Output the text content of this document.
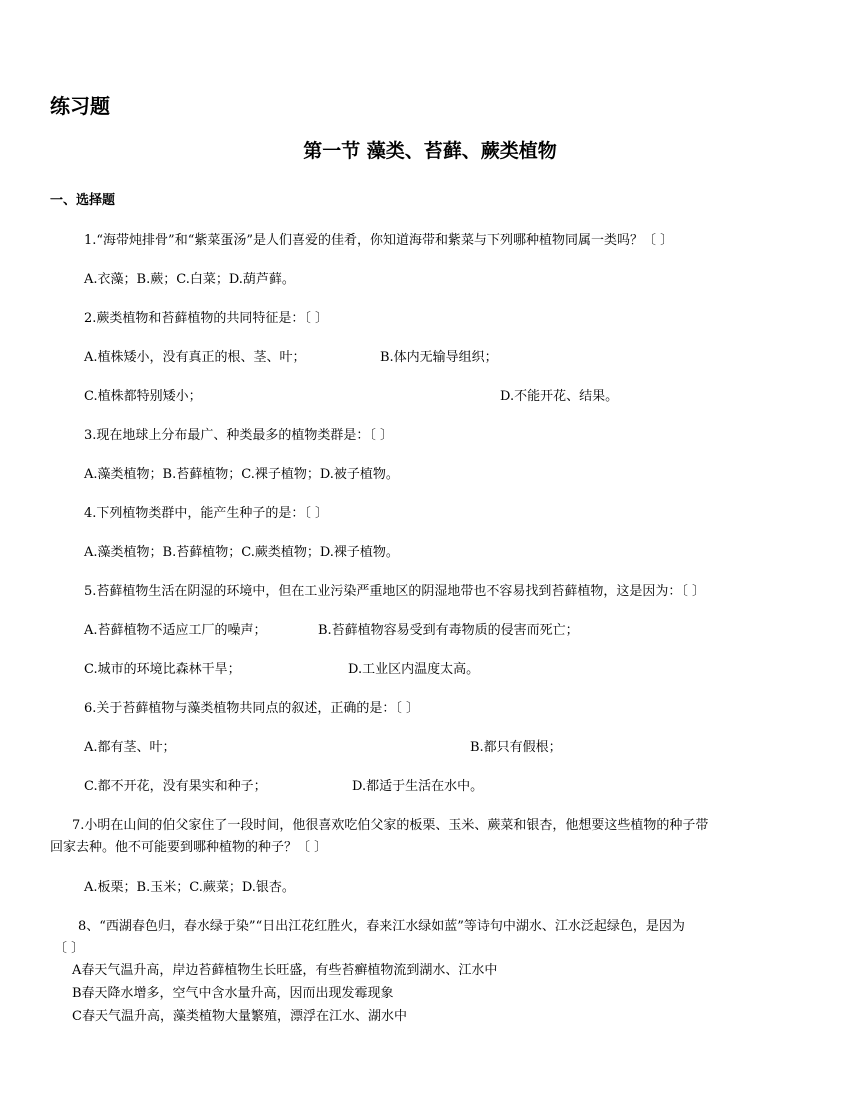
练习题
第一节 藻类、苔藓、蕨类植物
一、选择题
1.“海带炖排骨”和“紫菜蛋汤”是人们喜爱的佳肴，你知道海带和紫菜与下列哪种植物同属一类吗？〔 〕
A.衣藻；B.蕨；C.白菜；D.葫芦藓。
2.蕨类植物和苔藓植物的共同特征是：〔 〕
A.植株矮小，没有真正的根、茎、叶；	B.体内无输导组织；
C.植株都特别矮小；	D.不能开花、结果。
3.现在地球上分布最广、种类最多的植物类群是：〔 〕
A.藻类植物；B.苔藓植物；C.裸子植物；D.被子植物。
4.下列植物类群中，能产生种子的是：〔 〕
A.藻类植物；B.苔藓植物；C.蕨类植物；D.裸子植物。
5.苔藓植物生活在阴湿的环境中，但在工业污染严重地区的阴湿地带也不容易找到苔藓植物，这是因为：〔 〕
A.苔藓植物不适应工厂的噪声；	B.苔藓植物容易受到有毒物质的侵害而死亡；
C.城市的环境比森林干旱；	D.工业区内温度太高。
6.关于苔藓植物与藻类植物共同点的叙述，正确的是：〔 〕
A.都有茎、叶；	B.都只有假根；
C.都不开花，没有果实和种子；	D.都适于生活在水中。
7.小明在山间的伯父家住了一段时间，他很喜欢吃伯父家的板栗、玉米、蕨菜和银杏，他想要这些植物的种子带
回家去种。他不可能要到哪种植物的种子？〔 〕
A.板栗；B.玉米；C.蕨菜；D.银杏。
8、“西湖春色归，春水绿于染”“日出江花红胜火，春来江水绿如蓝”等诗句中湖水、江水泛起绿色，是因为
〔 〕
A春天气温升高，岸边苔藓植物生长旺盛，有些苔癣植物流到湖水、江水中
B春天降水增多，空气中含水量升高，因而出现发霉现象
C春天气温升高，藻类植物大量繁殖，漂浮在江水、湖水中
